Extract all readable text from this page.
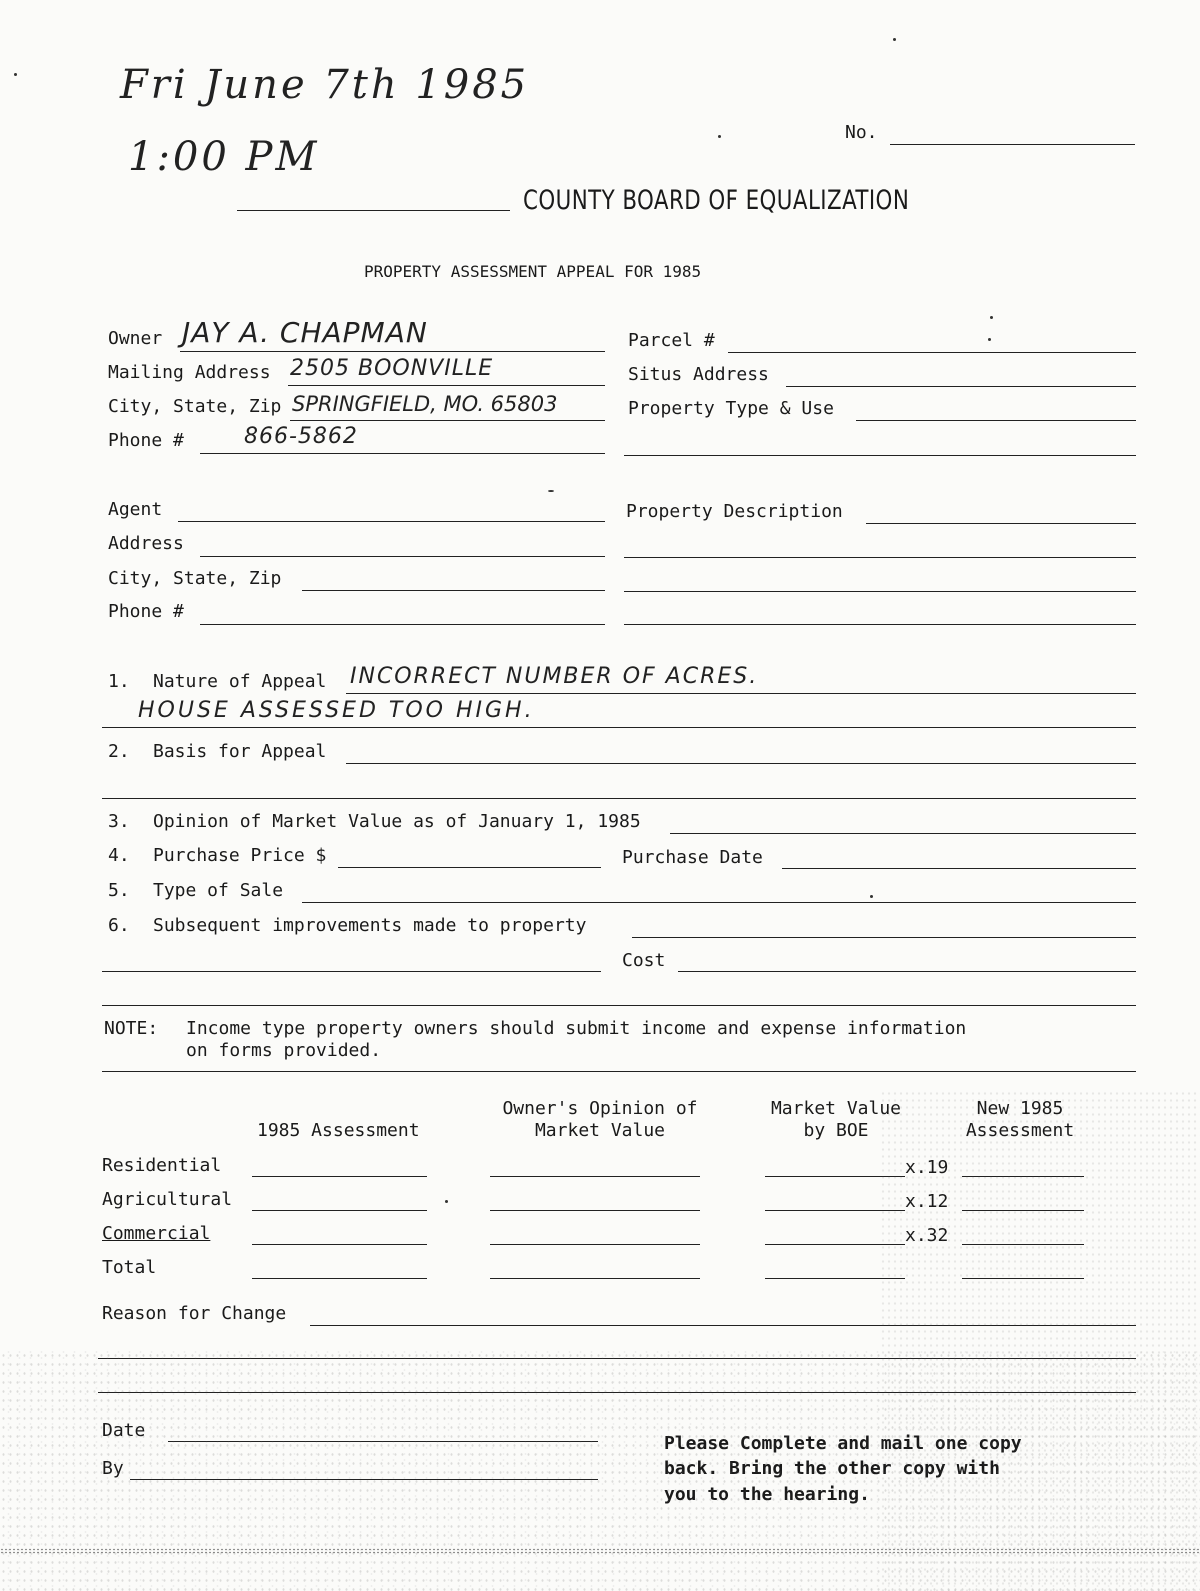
Fri June 7th 1985
1:00 PM
No.
COUNTY BOARD OF EQUALIZATION
PROPERTY ASSESSMENT APPEAL FOR 1985
Owner JAY A. CHAPMAN
Mailing Address 2505 BOONVILLE
City, State, Zip SPRINGFIELD, MO. 65803
Phone #	866-5862
Parcel #
Situs Address
Property Type & Use
Agent
Address
City, State, Zip
Phone #
Property Description
1. Nature of Appeal INCORRECT NUMBER OF ACRES.
HOUSE ASSESSED TOO HIGH.
2. Basis for Appeal
3. Opinion of Market Value as of January 1, 1985
4. Purchase Price $	Purchase Date
5. Type of Sale
6. Subsequent improvements made to property
Cost
NOTE: Income type property owners should submit income and expense information
on forms provided.
1985 Assessment
Owner's Opinion of
Market Value
Market Value
by BOE
New 1985
Assessment
Residential
Agricultural
Commercial
Total
x.19
x.12
x.32
Reason for Change
Date
By
Please Complete and mail one copy
back. Bring the other copy with
you to the hearing.
